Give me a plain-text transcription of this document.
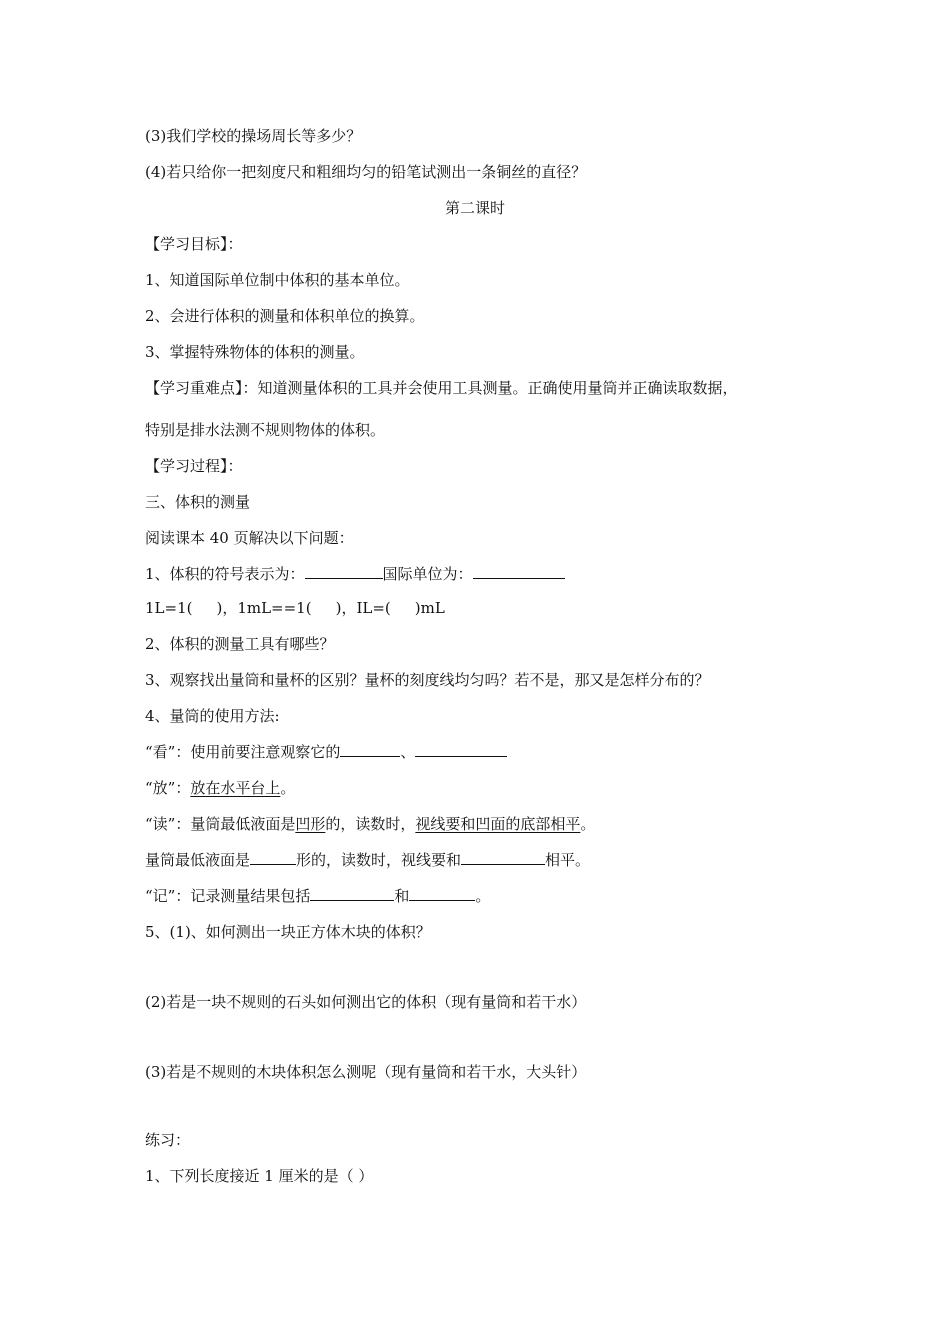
(3)我们学校的操场周长等多少？
(4)若只给你一把刻度尺和粗细均匀的铅笔试测出一条铜丝的直径？
第二课时
【学习目标】：
1、知道国际单位制中体积的基本单位。
2、会进行体积的测量和体积单位的换算。
3、掌握特殊物体的体积的测量。
【学习重难点】：知道测量体积的工具并会使用工具测量。正确使用量筒并正确读取数据，
特别是排水法测不规则物体的体积。
【学习过程】：
三、体积的测量
阅读课本 40 页解决以下问题：
1、体积的符号表示为：	国际单位为：
1L=1( )，1mL==1( )，IL=( )mL
2、体积的测量工具有哪些？
3、观察找出量筒和量杯的区别？量杯的刻度线均匀吗？若不是，那又是怎样分布的？
4、量筒的使用方法:
“看”：使用前要注意观察它的	、
“放”：放在水平台上。
“读”：量筒最低液面是凹形的，读数时，视线要和凹面的底部相平。
量筒最低液面是	形的，读数时，视线要和	相平。
“记”：记录测量结果包括	和	。
5、(1)、如何测出一块正方体木块的体积？
(2)若是一块不规则的石头如何测出它的体积（现有量筒和若干水）
(3)若是不规则的木块体积怎么测呢（现有量筒和若干水，大头针）
练习：
1、下列长度接近 1 厘米的是（ ）
